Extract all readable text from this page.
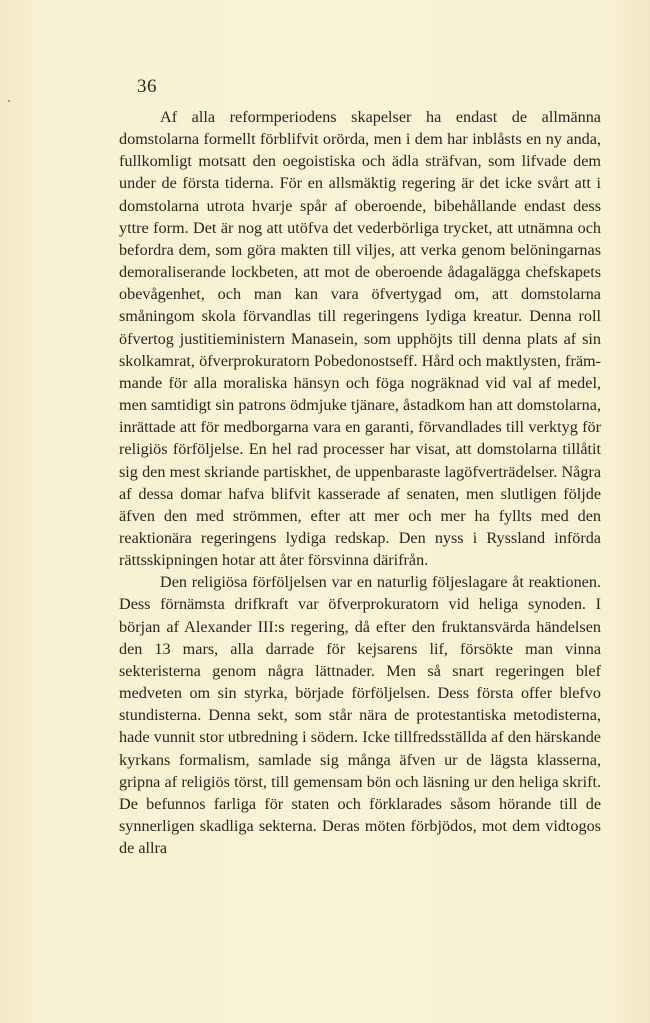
36

Af alla reformperiodens skapelser ha endast de allmänna domstolarna formellt förblifvit orörda, men i dem har inblåsts en ny anda, fullkomligt motsatt den oegoistiska och ädla sträfvan, som lifvade dem under de första tiderna. För en allsmäktig regering är det icke svårt att i domstolarna utrota hvarje spår af oberoende, bibehållande endast dess yttre form. Det är nog att utöfva det vederbörliga trycket, att utnämna och befordra dem, som göra makten till viljes, att verka genom belöningarnas demoraliserande lockbeten, att mot de oberoende ådagalägga chefskapets obevågenhet, och man kan vara öfvertygad om, att domstolarna småningom skola förvandlas till regeringens lydiga kreatur. Denna roll öfvertog justitieministern Manasein, som upphöjts till denna plats af sin skolkamrat, öfverprokuratorn Pobedonostseff. Hård och maktlysten, främmande för alla moraliska hänsyn och föga nogräknad vid val af medel, men samtidigt sin patrons ödmjuke tjänare, åstadkom han att domstolarna, inrättade att för medborgarna vara en garanti, förvandlades till verktyg för religiös förföljelse. En hel rad processer har visat, att domstolarna tillåtit sig den mest skriande partiskhet, de uppenbaraste lagöfverträdelser. Några af dessa domar hafva blifvit kasserade af senaten, men slutligen följde äfven den med strömmen, efter att mer och mer ha fyllts med den reaktionära regeringens lydiga redskap. Den nyss i Ryssland införda rättsskipningen hotar att åter försvinna därifrån.

Den religiösa förföljelsen var en naturlig följeslagare åt reaktionen. Dess förnämsta drifkraft var öfverprokuratorn vid heliga synoden. I början af Alexander III:s regering, då efter den fruktansvärda händelsen den 13 mars, alla darrade för kejsarens lif, försökte man vinna sekteristerna genom några lättnader. Men så snart regeringen blef medveten om sin styrka, började förföljelsen. Dess första offer blefvo stundisterna. Denna sekt, som står nära de protestantiska metodisterna, hade vunnit stor utbredning i södern. Icke tillfredsställda af den härskande kyrkans formalism, samlade sig många äfven ur de lägsta klasserna, gripna af religiös törst, till gemensam bön och läsning ur den heliga skrift. De befunnos farliga för staten och förklarades såsom hörande till de synnerligen skadliga sekterna. Deras möten förbjödos, mot dem vidtogos de allra
